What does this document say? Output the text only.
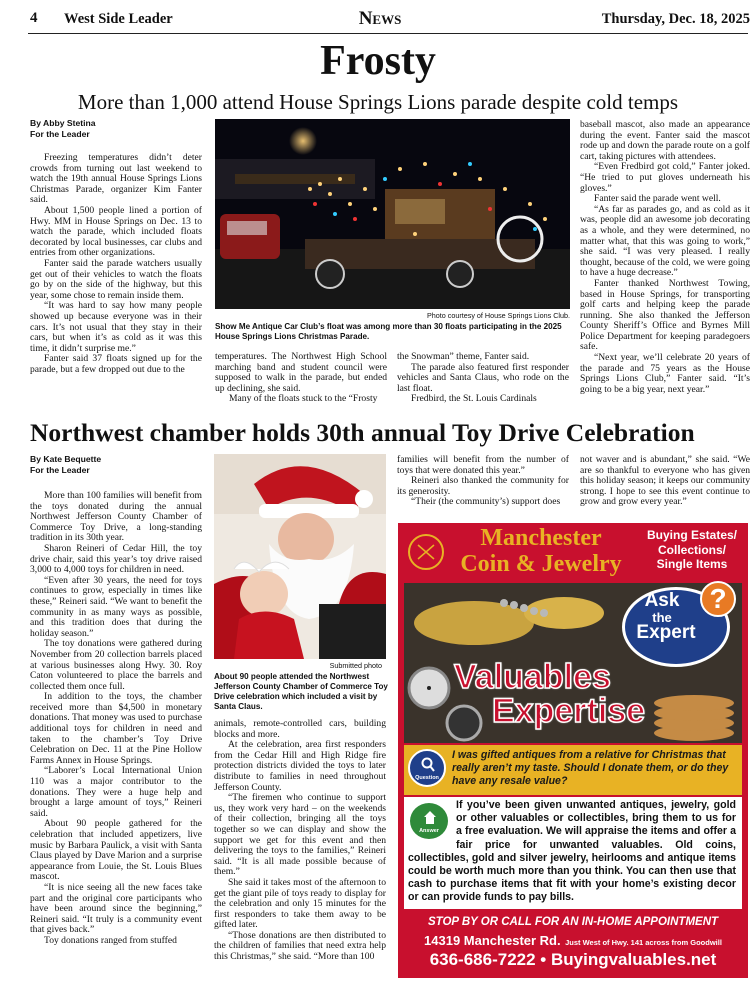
4 West Side Leader	News	Thursday, Dec. 18, 2025
Frosty
More than 1,000 attend House Springs Lions parade despite cold temps
By Abby Stetina
For the Leader

Freezing temperatures didn’t deter crowds from turning out last weekend to watch the 19th annual House Springs Lions Christmas Parade, organizer Kim Fanter said.

About 1,500 people lined a portion of Hwy. MM in House Springs on Dec. 13 to watch the parade, which included floats decorated by local businesses, car clubs and entries from other organizations.

Fanter said the parade watchers usually get out of their vehicles to watch the floats go by on the side of the highway, but this year, some chose to remain inside them.

“It was hard to say how many people showed up because everyone was in their cars. It’s not usual that they stay in their cars, but when it’s as cold as it was this time, it didn’t surprise me.”

Fanter said 37 floats signed up for the parade, but a few dropped out due to the

Photo courtesy of House Springs Lions Club.
Show Me Antique Car Club’s float was among more than 30 floats participating in the 2025 House Springs Lions Christmas Parade.

temperatures. The Northwest High School marching band and student council were supposed to walk in the parade, but ended up declining, she said.

Many of the floats stuck to the “Frosty

the Snowman” theme, Fanter said.

The parade also featured first responder vehicles and Santa Claus, who rode on the last float.

Fredbird, the St. Louis Cardinals

baseball mascot, also made an appearance during the event. Fanter said the mascot rode up and down the parade route on a golf cart, taking pictures with attendees.

“Even Fredbird got cold,” Fanter joked. “He tried to put gloves underneath his gloves.”

Fanter said the parade went well.

“As far as parades go, and as cold as it was, people did an awesome job decorating as a whole, and they were determined, no matter what, that this was going to work,” she said. “I was very pleased. I really thought, because of the cold, we were going to have a huge decrease.”

Fanter thanked Northwest Towing, based in House Springs, for transporting golf carts and helping keep the parade running. She also thanked the Jefferson County Sheriff’s Office and Byrnes Mill Police Department for keeping paradegoers safe.

“Next year, we’ll celebrate 20 years of the parade and 75 years as the House Springs Lions Club,” Fanter said. “It’s going to be a big year, next year.”

Northwest chamber holds 30th annual Toy Drive Celebration
By Kate Bequette
For the Leader

More than 100 families will benefit from the toys donated during the annual Northwest Jefferson County Chamber of Commerce Toy Drive, a long-standing tradition in its 30th year.

Sharon Reineri of Cedar Hill, the toy drive chair, said this year’s toy drive raised 3,000 to 4,000 toys for children in need.

“Even after 30 years, the need for toys continues to grow, especially in times like these,” Reineri said. “We want to benefit the community in as many ways as possible, and this tradition does that during the holiday season.”

The toy donations were gathered during November from 20 collection barrels placed at various businesses along Hwy. 30. Roy Caton volunteered to place the barrels and collected them once full.

In addition to the toys, the chamber received more than $4,500 in monetary donations. That money was used to purchase additional toys for children in need and taken to the chamber’s Toy Drive Celebration on Dec. 11 at the Pine Hollow Farms Annex in House Springs.

“Laborer’s Local International Union 110 was a major contributor to the donations. They were a huge help and brought a large amount of toys,” Reineri said.

About 90 people gathered for the celebration that included appetizers, live music by Barbara Paulick, a visit with Santa Claus played by Dave Marion and a surprise appearance from Louie, the St. Louis Blues mascot.

“It is nice seeing all the new faces take part and the original core participants who have been around since the beginning,” Reineri said. “It truly is a community event that gives back.”

Toy donations ranged from stuffed

Submitted photo
About 90 people attended the Northwest Jefferson County Chamber of Commerce Toy Drive celebration which included a visit by Santa Claus.

animals, remote-controlled cars, building blocks and more.

At the celebration, area first responders from the Cedar Hill and High Ridge fire protection districts divided the toys to later distribute to families in need throughout Jefferson County.

“The firemen who continue to support us, they work very hard – on the weekends of their collection, bringing all the toys together so we can display and show the support we get for this event and then delivering the toys to the families,” Reineri said. “It is all made possible because of them.”

She said it takes most of the afternoon to get the giant pile of toys ready to display for the celebration and only 15 minutes for the first responders to take them away to be gifted later.

“Those donations are then distributed to the children of families that need extra help this Christmas,” she said. “More than 100

families will benefit from the number of toys that were donated this year.”

Reineri also thanked the community for its generosity.

“Their (the community’s) support does

not waver and is abundant,” she said. “We are so thankful to everyone who has given this holiday season; it keeps our community strong. I hope to see this event continue to grow and grow every year.”

Manchester
Coin & Jewelry
Buying Estates/
Collections/
Single Items
Ask
the
Expert
?
Valuables
Expertise
Question
I was gifted antiques from a relative for Christmas that really aren’t my taste. Should I donate them, or do they have any resale value?
Answer

If you’ve been given unwanted antiques, jewelry, gold or other valuables or collectibles, bring them to us for a free evaluation. We will appraise the items and offer a fair price for unwanted valuables. Old coins, collectibles, gold and silver jewelry, heirlooms and antique items could be worth much more than you think. You can then use that cash to purchase items that fit with your home’s existing decor or can provide funds to pay bills.

STOP BY OR CALL FOR AN IN-HOME APPOINTMENT
14319 Manchester Rd. Just West of Hwy. 141 across from Goodwill
636-686-7222 • Buyingvaluables.net
